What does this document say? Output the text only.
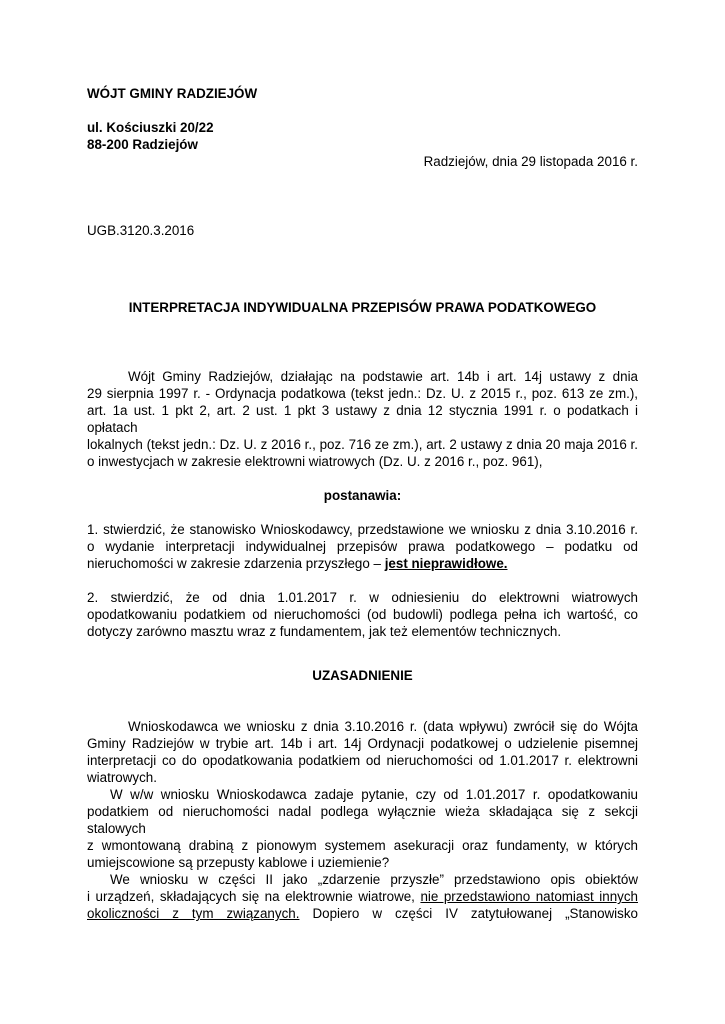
WÓJT GMINY RADZIEJÓW

ul. Kościuszki 20/22

88-200 Radziejów

Radziejów, dnia 29 listopada 2016 r.

UGB.3120.3.2016

INTERPRETACJA INDYWIDUALNA PRZEPISÓW PRAWA PODATKOWEGO

Wójt Gminy Radziejów, działając na podstawie art. 14b i art. 14j ustawy z dnia
29 sierpnia 1997 r. - Ordynacja podatkowa (tekst jedn.: Dz. U. z 2015 r., poz. 613 ze zm.),
art. 1a ust. 1 pkt 2, art. 2 ust. 1 pkt 3 ustawy z dnia 12 stycznia 1991 r. o podatkach i opłatach
lokalnych (tekst jedn.: Dz. U. z 2016 r., poz. 716 ze zm.), art. 2 ustawy z dnia 20 maja 2016 r.
o inwestycjach w zakresie elektrowni wiatrowych (Dz. U. z 2016 r., poz. 961),

postanawia:

1. stwierdzić, że stanowisko Wnioskodawcy, przedstawione we wniosku z dnia 3.10.2016 r.
o wydanie interpretacji indywidualnej przepisów prawa podatkowego – podatku od
nieruchomości w zakresie zdarzenia przyszłego – jest nieprawidłowe.
2. stwierdzić, że od dnia 1.01.2017 r. w odniesieniu do elektrowni wiatrowych
opodatkowaniu podatkiem od nieruchomości (od budowli) podlega pełna ich wartość, co
dotyczy zarówno masztu wraz z fundamentem, jak też elementów technicznych.

UZASADNIENIE

Wnioskodawca we wniosku z dnia 3.10.2016 r. (data wpływu) zwrócił się do Wójta
Gminy Radziejów w trybie art. 14b i art. 14j Ordynacji podatkowej o udzielenie pisemnej
interpretacji co do opodatkowania podatkiem od nieruchomości od 1.01.2017 r. elektrowni
wiatrowych.
W w/w wniosku Wnioskodawca zadaje pytanie, czy od 1.01.2017 r. opodatkowaniu
podatkiem od nieruchomości nadal podlega wyłącznie wieża składająca się z sekcji stalowych
z wmontowaną drabiną z pionowym systemem asekuracji oraz fundamenty, w których
umiejscowione są przepusty kablowe i uziemienie?
We wniosku w części II jako „zdarzenie przyszłe” przedstawiono opis obiektów
i urządzeń, składających się na elektrownie wiatrowe, nie przedstawiono natomiast innych
okoliczności z tym związanych. Dopiero w części IV zatytułowanej „Stanowisko
